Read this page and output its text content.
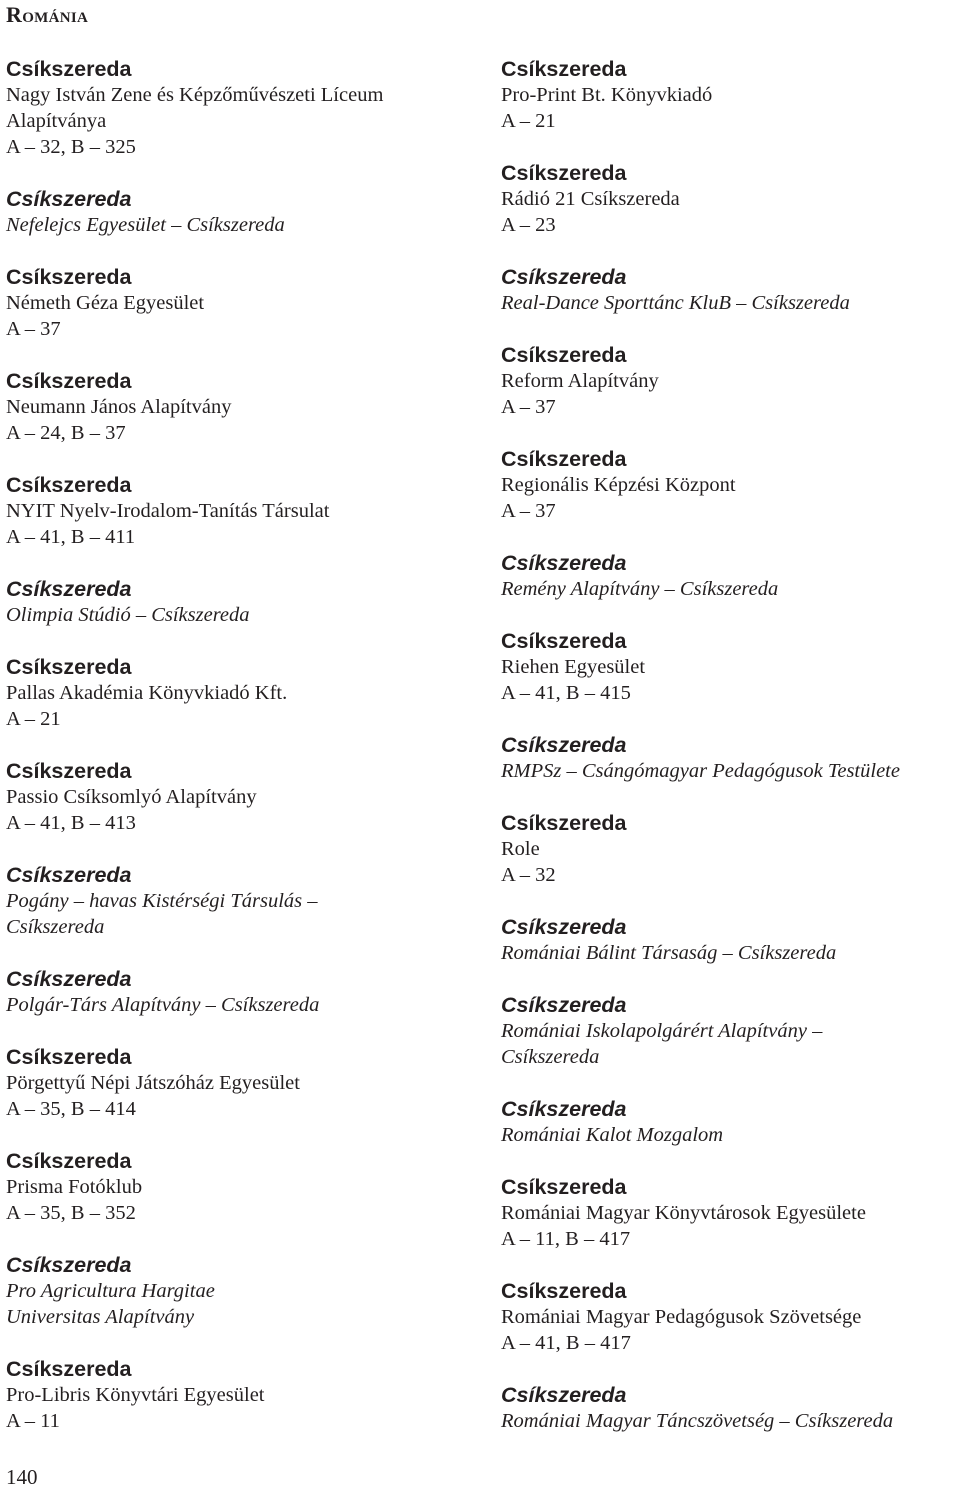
Románia
Csíkszereda
Nagy István Zene és Képzőművészeti Líceum
Alapítványa
A – 32, B – 325
Csíkszereda
Nefelejcs Egyesület – Csíkszereda
Csíkszereda
Németh Géza Egyesület
A – 37
Csíkszereda
Neumann János Alapítvány
A – 24, B – 37
Csíkszereda
NYIT Nyelv-Irodalom-Tanítás Társulat
A – 41, B – 411
Csíkszereda
Olimpia Stúdió – Csíkszereda
Csíkszereda
Pallas Akadémia Könyvkiadó Kft.
A – 21
Csíkszereda
Passio Csíksomlyó Alapítvány
A – 41, B – 413
Csíkszereda
Pogány – havas Kistérségi Társulás –
Csíkszereda
Csíkszereda
Polgár-Társ Alapítvány – Csíkszereda
Csíkszereda
Pörgettyű Népi Játszóház Egyesület
A – 35, B – 414
Csíkszereda
Prisma Fotóklub
A – 35, B – 352
Csíkszereda
Pro Agricultura Hargitae
Universitas Alapítvány
Csíkszereda
Pro-Libris Könyvtári Egyesület
A – 11
Csíkszereda
Pro-Print Bt. Könyvkiadó
A – 21
Csíkszereda
Rádió 21 Csíkszereda
A – 23
Csíkszereda
Real-Dance Sporttánc KluB – Csíkszereda
Csíkszereda
Reform Alapítvány
A – 37
Csíkszereda
Regionális Képzési Központ
A – 37
Csíkszereda
Remény Alapítvány – Csíkszereda
Csíkszereda
Riehen Egyesület
A – 41, B – 415
Csíkszereda
RMPSz – Csángómagyar Pedagógusok Testülete
Csíkszereda
Role
A – 32
Csíkszereda
Romániai Bálint Társaság – Csíkszereda
Csíkszereda
Romániai Iskolapolgárért Alapítvány –
Csíkszereda
Csíkszereda
Romániai Kalot Mozgalom
Csíkszereda
Romániai Magyar Könyvtárosok Egyesülete
A – 11, B – 417
Csíkszereda
Romániai Magyar Pedagógusok Szövetsége
A – 41, B – 417
Csíkszereda
Romániai Magyar Táncszövetség – Csíkszereda
140
